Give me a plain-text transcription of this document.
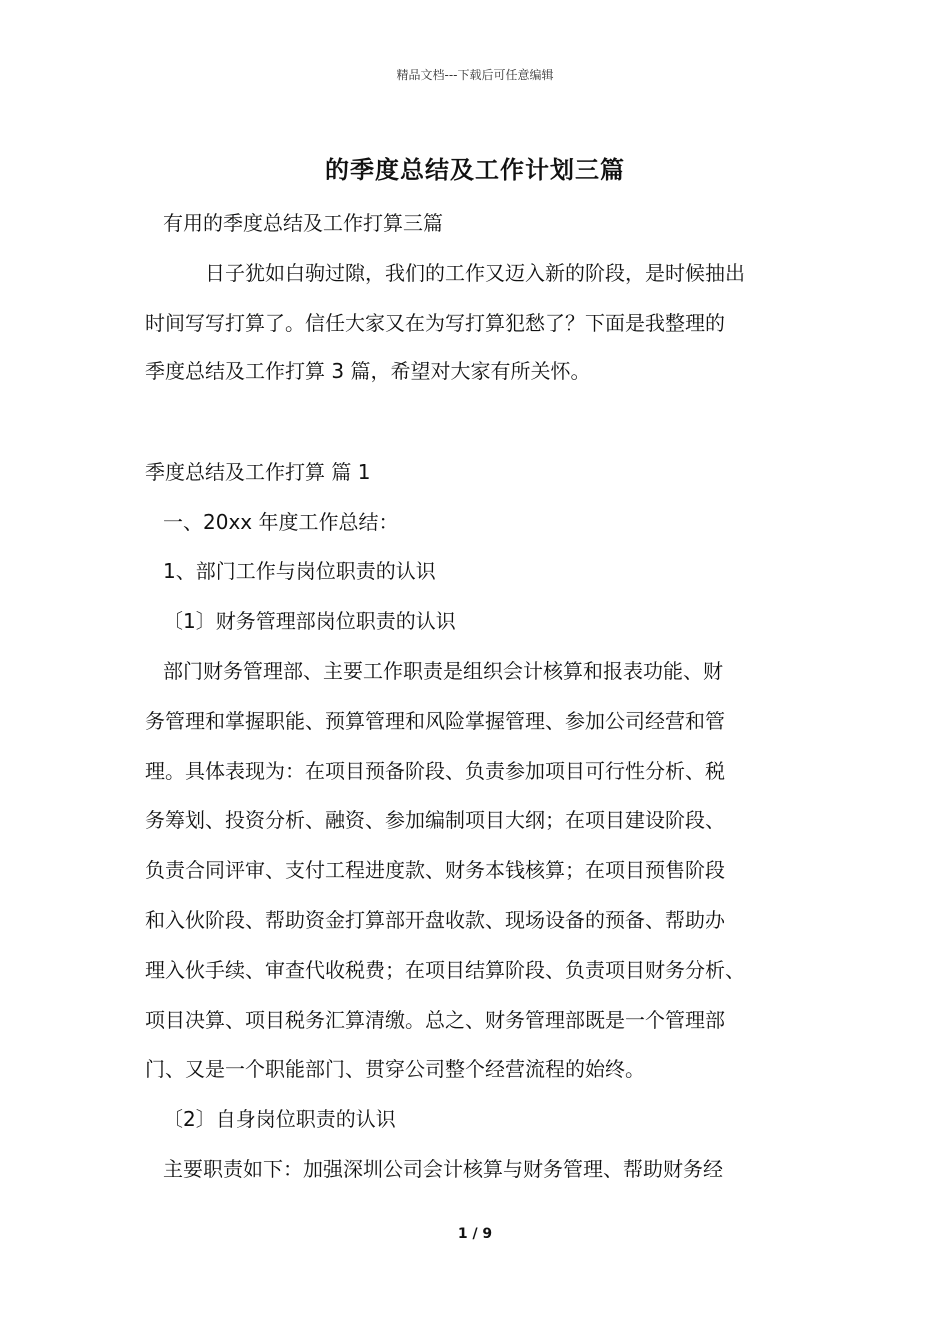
精品文档---下载后可任意编辑
的季度总结及工作计划三篇
有用的季度总结及工作打算三篇
日子犹如白驹过隙，我们的工作又迈入新的阶段，是时候抽出
时间写写打算了。信任大家又在为写打算犯愁了？下面是我整理的
季度总结及工作打算 3 篇，希望对大家有所关怀。
季度总结及工作打算 篇 1
一、20xx 年度工作总结：
1、部门工作与岗位职责的认识
〔1〕财务管理部岗位职责的认识
部门财务管理部、主要工作职责是组织会计核算和报表功能、财
务管理和掌握职能、预算管理和风险掌握管理、参加公司经营和管
理。具体表现为：在项目预备阶段、负责参加项目可行性分析、税
务筹划、投资分析、融资、参加编制项目大纲；在项目建设阶段、
负责合同评审、支付工程进度款、财务本钱核算；在项目预售阶段
和入伙阶段、帮助资金打算部开盘收款、现场设备的预备、帮助办
理入伙手续、审查代收税费；在项目结算阶段、负责项目财务分析、
项目决算、项目税务汇算清缴。总之、财务管理部既是一个管理部
门、又是一个职能部门、贯穿公司整个经营流程的始终。
〔2〕自身岗位职责的认识
主要职责如下：加强深圳公司会计核算与财务管理、帮助财务经
1 / 9
